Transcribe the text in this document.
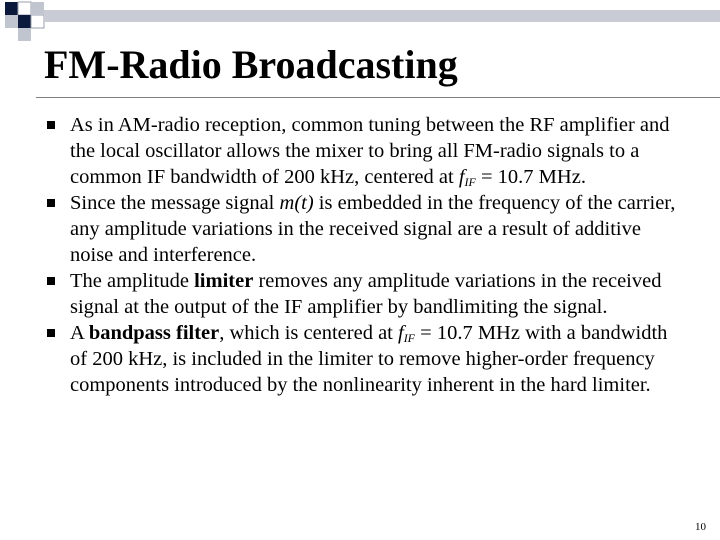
FM-Radio Broadcasting
As in AM-radio reception, common tuning between the RF amplifier and the local oscillator allows the mixer to bring all FM-radio signals to a common IF bandwidth of 200 kHz, centered at $f_{IF} = 10.7$ MHz.
Since the message signal m(t) is embedded in the frequency of the carrier, any amplitude variations in the received signal are a result of additive noise and interference.
The amplitude limiter removes any amplitude variations in the received signal at the output of the IF amplifier by bandlimiting the signal.
A bandpass filter, which is centered at $f_{IF} = 10.7$ MHz with a bandwidth of 200 kHz, is included in the limiter to remove higher-order frequency components introduced by the nonlinearity inherent in the hard limiter.
10
